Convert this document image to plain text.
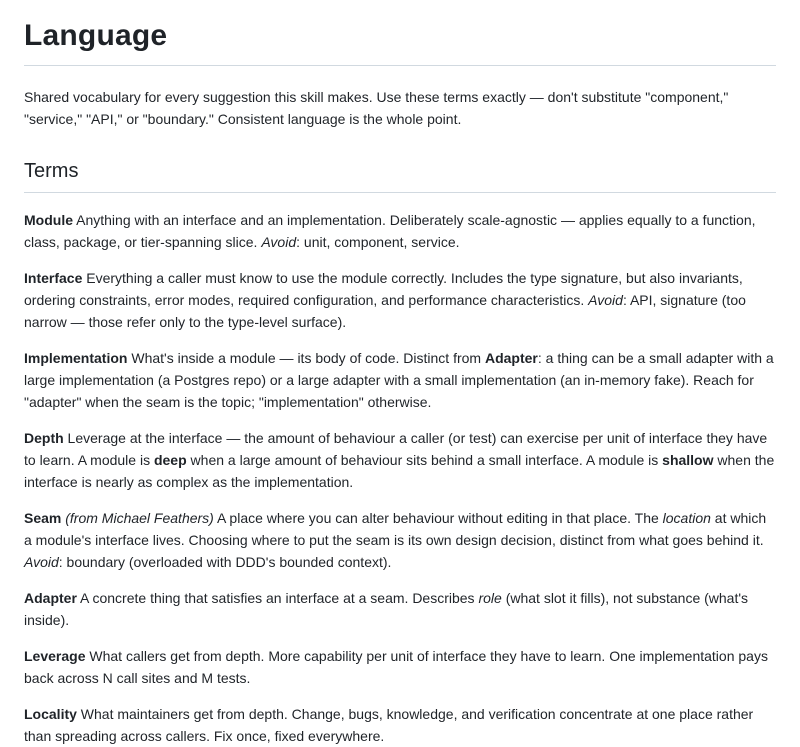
Language

Shared vocabulary for every suggestion this skill makes. Use these terms exactly — don't substitute "component," "service," "API," or "boundary." Consistent language is the whole point.

Terms

Module Anything with an interface and an implementation. Deliberately scale-agnostic — applies equally to a function, class, package, or tier-spanning slice. Avoid: unit, component, service.

Interface Everything a caller must know to use the module correctly. Includes the type signature, but also invariants, ordering constraints, error modes, required configuration, and performance characteristics. Avoid: API, signature (too narrow — those refer only to the type-level surface).

Implementation What's inside a module — its body of code. Distinct from Adapter: a thing can be a small adapter with a large implementation (a Postgres repo) or a large adapter with a small implementation (an in-memory fake). Reach for "adapter" when the seam is the topic; "implementation" otherwise.

Depth Leverage at the interface — the amount of behaviour a caller (or test) can exercise per unit of interface they have to learn. A module is deep when a large amount of behaviour sits behind a small interface. A module is shallow when the interface is nearly as complex as the implementation.

Seam (from Michael Feathers) A place where you can alter behaviour without editing in that place. The location at which a module's interface lives. Choosing where to put the seam is its own design decision, distinct from what goes behind it. Avoid: boundary (overloaded with DDD's bounded context).

Adapter A concrete thing that satisfies an interface at a seam. Describes role (what slot it fills), not substance (what's inside).

Leverage What callers get from depth. More capability per unit of interface they have to learn. One implementation pays back across N call sites and M tests.

Locality What maintainers get from depth. Change, bugs, knowledge, and verification concentrate at one place rather than spreading across callers. Fix once, fixed everywhere.
